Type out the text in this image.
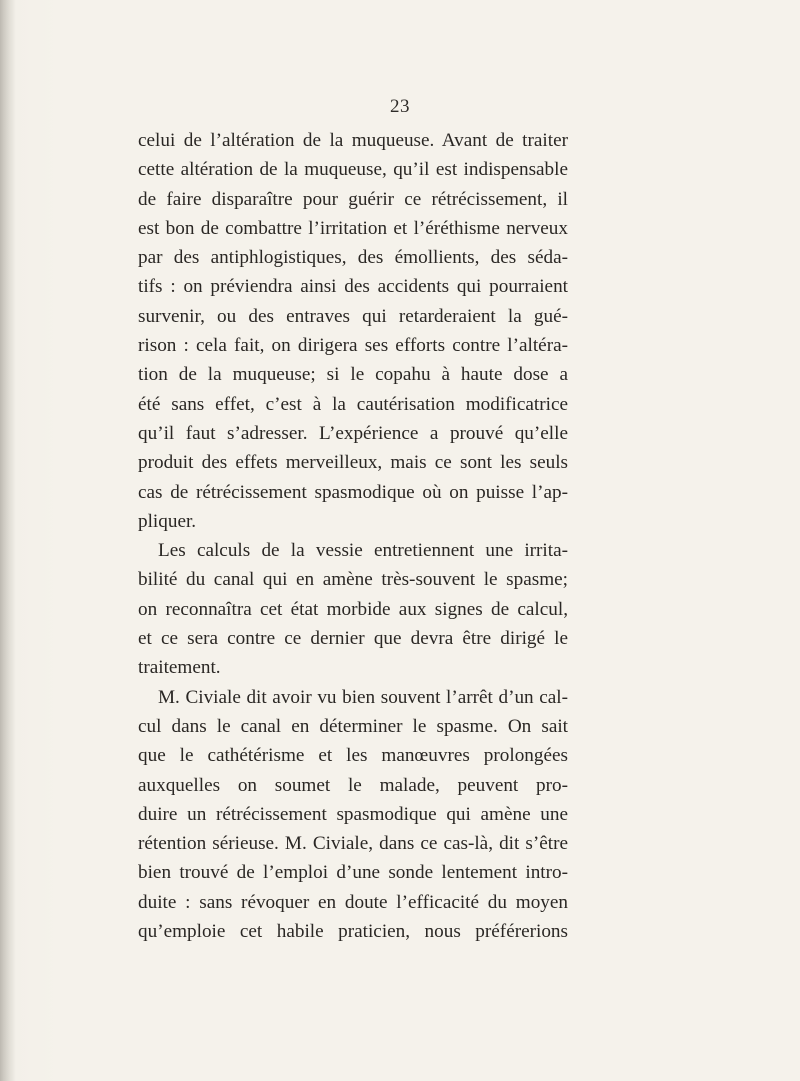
23
celui de l’altération de la muqueuse. Avant de traiter
cette altération de la muqueuse, qu’il est indispensable
de faire disparaître pour guérir ce rétrécissement, il
est bon de combattre l’irritation et l’éréthisme nerveux
par des antiphlogistiques, des émollients, des séda-
tifs : on préviendra ainsi des accidents qui pourraient
survenir, ou des entraves qui retarderaient la gué-
rison : cela fait, on dirigera ses efforts contre l’altéra-
tion de la muqueuse; si le copahu à haute dose a
été sans effet, c’est à la cautérisation modificatrice
qu’il faut s’adresser. L’expérience a prouvé qu’elle
produit des effets merveilleux, mais ce sont les seuls
cas de rétrécissement spasmodique où on puisse l’ap-
pliquer.
Les calculs de la vessie entretiennent une irrita-
bilité du canal qui en amène très-souvent le spasme;
on reconnaîtra cet état morbide aux signes de calcul,
et ce sera contre ce dernier que devra être dirigé le
traitement.
M. Civiale dit avoir vu bien souvent l’arrêt d’un cal-
cul dans le canal en déterminer le spasme. On sait
que le cathétérisme et les manœuvres prolongées
auxquelles on soumet le malade, peuvent pro-
duire un rétrécissement spasmodique qui amène une
rétention sérieuse. M. Civiale, dans ce cas-là, dit s’être
bien trouvé de l’emploi d’une sonde lentement intro-
duite : sans révoquer en doute l’efficacité du moyen
qu’emploie cet habile praticien, nous préférerions
